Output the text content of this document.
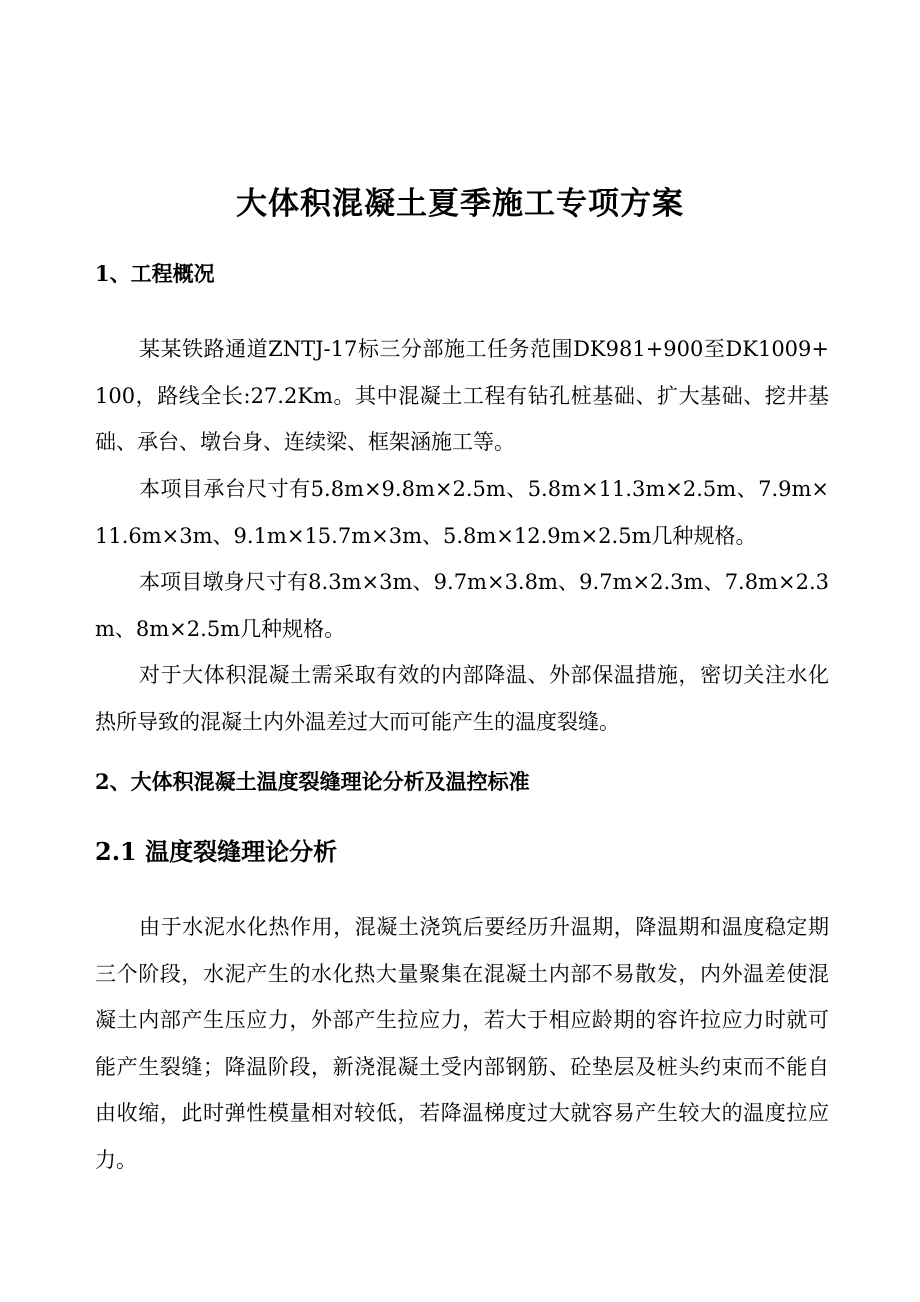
大体积混凝土夏季施工专项方案
1、工程概况

某某铁路通道ZNTJ-17标三分部施工任务范围DK981+900至DK1009+100，路线全长:27.2Km。其中混凝土工程有钻孔桩基础、扩大基础、挖井基础、承台、墩台身、连续梁、框架涵施工等。

本项目承台尺寸有5.8m×9.8m×2.5m、5.8m×11.3m×2.5m、7.9m×11.6m×3m、9.1m×15.7m×3m、5.8m×12.9m×2.5m几种规格。

本项目墩身尺寸有8.3m×3m、9.7m×3.8m、9.7m×2.3m、7.8m×2.3m、8m×2.5m几种规格。

对于大体积混凝土需采取有效的内部降温、外部保温措施，密切关注水化热所导致的混凝土内外温差过大而可能产生的温度裂缝。

2、大体积混凝土温度裂缝理论分析及温控标准
2.1 温度裂缝理论分析

由于水泥水化热作用，混凝土浇筑后要经历升温期，降温期和温度稳定期三个阶段，水泥产生的水化热大量聚集在混凝土内部不易散发，内外温差使混凝土内部产生压应力，外部产生拉应力，若大于相应龄期的容许拉应力时就可能产生裂缝；降温阶段，新浇混凝土受内部钢筋、砼垫层及桩头约束而不能自由收缩，此时弹性模量相对较低，若降温梯度过大就容易产生较大的温度拉应力。
